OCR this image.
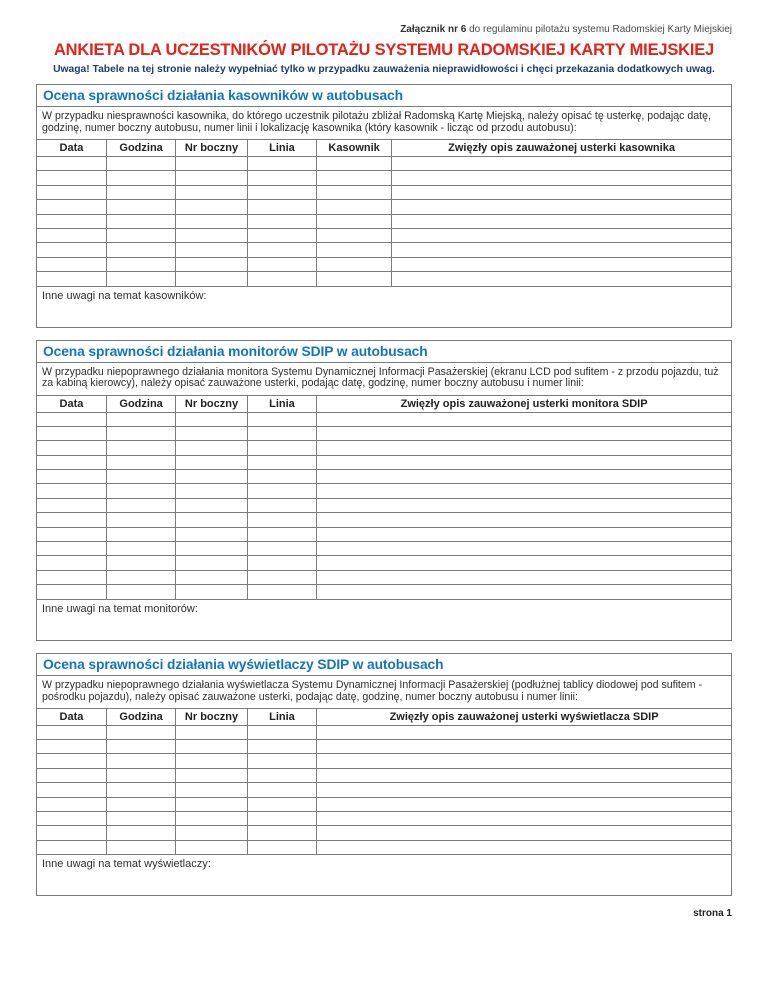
Załącznik nr 6 do regulaminu pilotażu systemu Radomskiej Karty Miejskiej
ANKIETA DLA UCZESTNIKÓW PILOTAŻU SYSTEMU RADOMSKIEJ KARTY MIEJSKIEJ
Uwaga! Tabele na tej stronie należy wypełniać tylko w przypadku zauważenia nieprawidłowości i chęci przekazania dodatkowych uwag.
Ocena sprawności działania kasowników w autobusach
W przypadku niesprawności kasownika, do którego uczestnik pilotażu zbliżał Radomską Kartę Miejską, należy opisać tę usterkę, podając datę, godzinę, numer boczny autobusu, numer linii i lokalizację kasownika (który kasownik - licząc od przodu autobusu):
Data	Godzina	Nr boczny	Linia	Kasownik	Zwięzły opis zauważonej usterki kasownika

Inne uwagi na temat kasowników:
Ocena sprawności działania monitorów SDIP w autobusach
W przypadku niepoprawnego działania monitora Systemu Dynamicznej Informacji Pasażerskiej (ekranu LCD pod sufitem - z przodu pojazdu, tuż za kabiną kierowcy), należy opisać zauważone usterki, podając datę, godzinę, numer boczny autobusu i numer linii:
Data	Godzina	Nr boczny	Linia	Zwięzły opis zauważonej usterki monitora SDIP

Inne uwagi na temat monitorów:
Ocena sprawności działania wyświetlaczy SDIP w autobusach
W przypadku niepoprawnego działania wyświetlacza Systemu Dynamicznej Informacji Pasażerskiej (podłużnej tablicy diodowej pod sufitem - pośrodku pojazdu), należy opisać zauważone usterki, podając datę, godzinę, numer boczny autobusu i numer linii:
Data	Godzina	Nr boczny	Linia	Zwięzły opis zauważonej usterki wyświetlacza SDIP

Inne uwagi na temat wyświetlaczy:
strona 1
